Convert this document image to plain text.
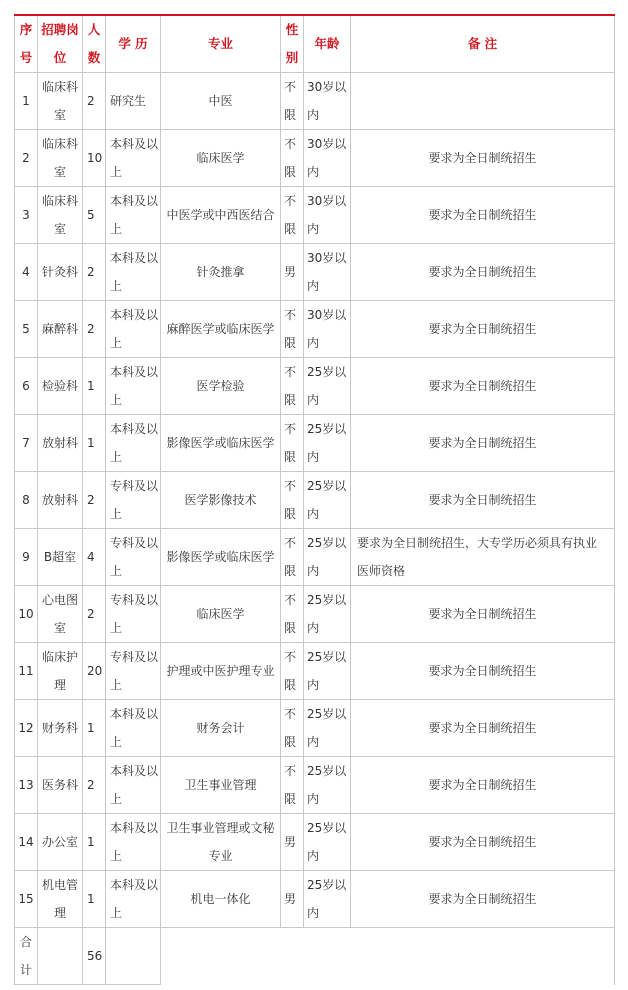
序号	招聘岗位	人数	学 历	专业	性别	年龄	备 注
1	临床科室	2	研究生	中医	不限	30岁以内	
2	临床科室	10	本科及以上	临床医学	不限	30岁以内	要求为全日制统招生
3	临床科室	5	本科及以上	中医学或中西医结合	不限	30岁以内	要求为全日制统招生
4	针灸科	2	本科及以上	针灸推拿	男	30岁以内	要求为全日制统招生
5	麻醉科	2	本科及以上	麻醉医学或临床医学	不限	30岁以内	要求为全日制统招生
6	检验科	1	本科及以上	医学检验	不限	25岁以内	要求为全日制统招生
7	放射科	1	本科及以上	影像医学或临床医学	不限	25岁以内	要求为全日制统招生
8	放射科	2	专科及以上	医学影像技术	不限	25岁以内	要求为全日制统招生
9	B超室	4	专科及以上	影像医学或临床医学	不限	25岁以内	要求为全日制统招生，大专学历必须具有执业医师资格
10	心电图室	2	专科及以上	临床医学	不限	25岁以内	要求为全日制统招生
11	临床护理	20	专科及以上	护理或中医护理专业	不限	25岁以内	要求为全日制统招生
12	财务科	1	本科及以上	财务会计	不限	25岁以内	要求为全日制统招生
13	医务科	2	本科及以上	卫生事业管理	不限	25岁以内	要求为全日制统招生
14	办公室	1	本科及以上	卫生事业管理或文秘专业	男	25岁以内	要求为全日制统招生
15	机电管理	1	本科及以上	机电一体化	男	25岁以内	要求为全日制统招生
合计		56					
